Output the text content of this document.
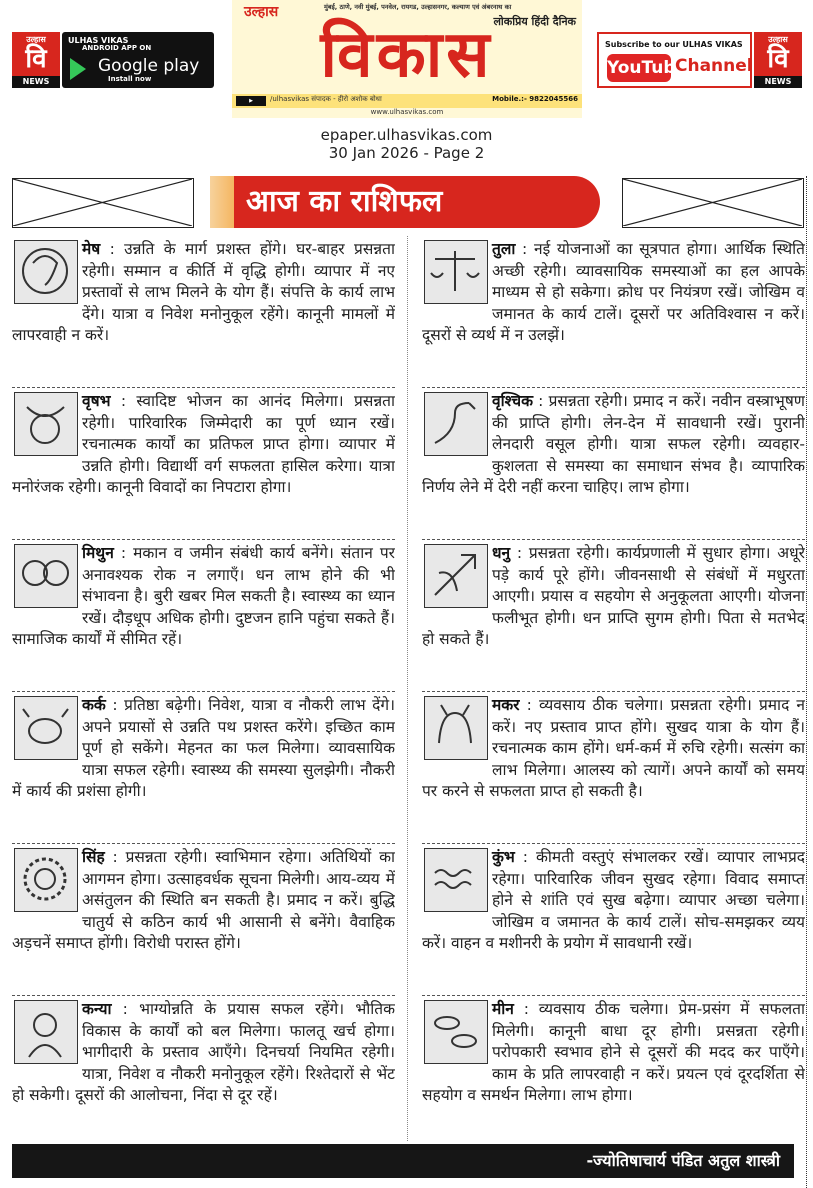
उल्हास
वि
NEWS
ULHAS VIKAS
ANDROID APP ON
Google play
Install now
उल्हास	मुंबई, ठाणे, नवी मुंबई, पनवेल, रायगड, उल्हासनगर, कल्याण एवं अंबरनाथ का
लोकप्रिय हिंदी दैनिक
विकास
▶	/ulhasvikas संपादक - हीरो अशोक बोधा	Mobile.:- 9822045566
www.ulhasvikas.com
Subscribe to our ULHAS VIKAS
YouTube
Channel
उल्हास
वि
NEWS
epaper.ulhasvikas.com
30 Jan 2026 - Page 2
आज का राशिफल
मेष : उन्नति के मार्ग प्रशस्त होंगे। घर-बाहर प्रसन्नता रहेगी। सम्मान व कीर्ति में वृद्धि होगी। व्यापार में नए प्रस्तावों से लाभ मिलने के योग हैं। संपत्ति के कार्य लाभ देंगे। यात्रा व निवेश मनोनुकूल रहेंगे। कानूनी मामलों में लापरवाही न करें।
वृषभ : स्वादिष्ट भोजन का आनंद मिलेगा। प्रसन्नता रहेगी। पारिवारिक जिम्मेदारी का पूर्ण ध्यान रखें। रचनात्मक कार्यों का प्रतिफल प्राप्त होगा। व्यापार में उन्नति होगी। विद्यार्थी वर्ग सफलता हासिल करेगा। यात्रा मनोरंजक रहेगी। कानूनी विवादों का निपटारा होगा।
मिथुन : मकान व जमीन संबंधी कार्य बनेंगे। संतान पर अनावश्यक रोक न लगाएँ। धन लाभ होने की भी संभावना है। बुरी खबर मिल सकती है। स्वास्थ्य का ध्यान रखें। दौड़धूप अधिक होगी। दुष्टजन हानि पहुंचा सकते हैं। सामाजिक कार्यों में सीमित रहें।
कर्क : प्रतिष्ठा बढ़ेगी। निवेश, यात्रा व नौकरी लाभ देंगे। अपने प्रयासों से उन्नति पथ प्रशस्त करेंगे। इच्छित काम पूर्ण हो सकेंगे। मेहनत का फल मिलेगा। व्यावसायिक यात्रा सफल रहेगी। स्वास्थ्य की समस्या सुलझेगी। नौकरी में कार्य की प्रशंसा होगी।
सिंह : प्रसन्नता रहेगी। स्वाभिमान रहेगा। अतिथियों का आगमन होगा। उत्साहवर्धक सूचना मिलेगी। आय-व्यय में असंतुलन की स्थिति बन सकती है। प्रमाद न करें। बुद्धि चातुर्य से कठिन कार्य भी आसानी से बनेंगे। वैवाहिक अड़चनें समाप्त होंगी। विरोधी परास्त होंगे।
कन्या : भाग्योन्नति के प्रयास सफल रहेंगे। भौतिक विकास के कार्यों को बल मिलेगा। फालतू खर्च होगा। भागीदारी के प्रस्ताव आएँगे। दिनचर्या नियमित रहेगी। यात्रा, निवेश व नौकरी मनोनुकूल रहेंगे। रिश्तेदारों से भेंट हो सकेगी। दूसरों की आलोचना, निंदा से दूर रहें।
तुला : नई योजनाओं का सूत्रपात होगा। आर्थिक स्थिति अच्छी रहेगी। व्यावसायिक समस्याओं का हल आपके माध्यम से हो सकेगा। क्रोध पर नियंत्रण रखें। जोखिम व जमानत के कार्य टालें। दूसरों पर अतिविश्वास न करें। दूसरों से व्यर्थ में न उलझें।
वृश्चिक : प्रसन्नता रहेगी। प्रमाद न करें। नवीन वस्त्राभूषण की प्राप्ति होगी। लेन-देन में सावधानी रखें। पुरानी लेनदारी वसूल होगी। यात्रा सफल रहेगी। व्यवहार-कुशलता से समस्या का समाधान संभव है। व्यापारिक निर्णय लेने में देरी नहीं करना चाहिए। लाभ होगा।
धनु : प्रसन्नता रहेगी। कार्यप्रणाली में सुधार होगा। अधूरे पड़े कार्य पूरे होंगे। जीवनसाथी से संबंधों में मधुरता आएगी। प्रयास व सहयोग से अनुकूलता आएगी। योजना फलीभूत होगी। धन प्राप्ति सुगम होगी। पिता से मतभेद हो सकते हैं।
मकर : व्यवसाय ठीक चलेगा। प्रसन्नता रहेगी। प्रमाद न करें। नए प्रस्ताव प्राप्त होंगे। सुखद यात्रा के योग हैं। रचनात्मक काम होंगे। धर्म-कर्म में रुचि रहेगी। सत्संग का लाभ मिलेगा। आलस्य को त्यागें। अपने कार्यों को समय पर करने से सफलता प्राप्त हो सकती है।
कुंभ : कीमती वस्तुएं संभालकर रखें। व्यापार लाभप्रद रहेगा। पारिवारिक जीवन सुखद रहेगा। विवाद समाप्त होने से शांति एवं सुख बढ़ेगा। व्यापार अच्छा चलेगा। जोखिम व जमानत के कार्य टालें। सोच-समझकर व्यय करें। वाहन व मशीनरी के प्रयोग में सावधानी रखें।
मीन : व्यवसाय ठीक चलेगा। प्रेम-प्रसंग में सफलता मिलेगी। कानूनी बाधा दूर होगी। प्रसन्नता रहेगी। परोपकारी स्वभाव होने से दूसरों की मदद कर पाएँगे। काम के प्रति लापरवाही न करें। प्रयत्न एवं दूरदर्शिता से सहयोग व समर्थन मिलेगा। लाभ होगा।
-ज्योतिषाचार्य पंडित अतुल शास्त्री
